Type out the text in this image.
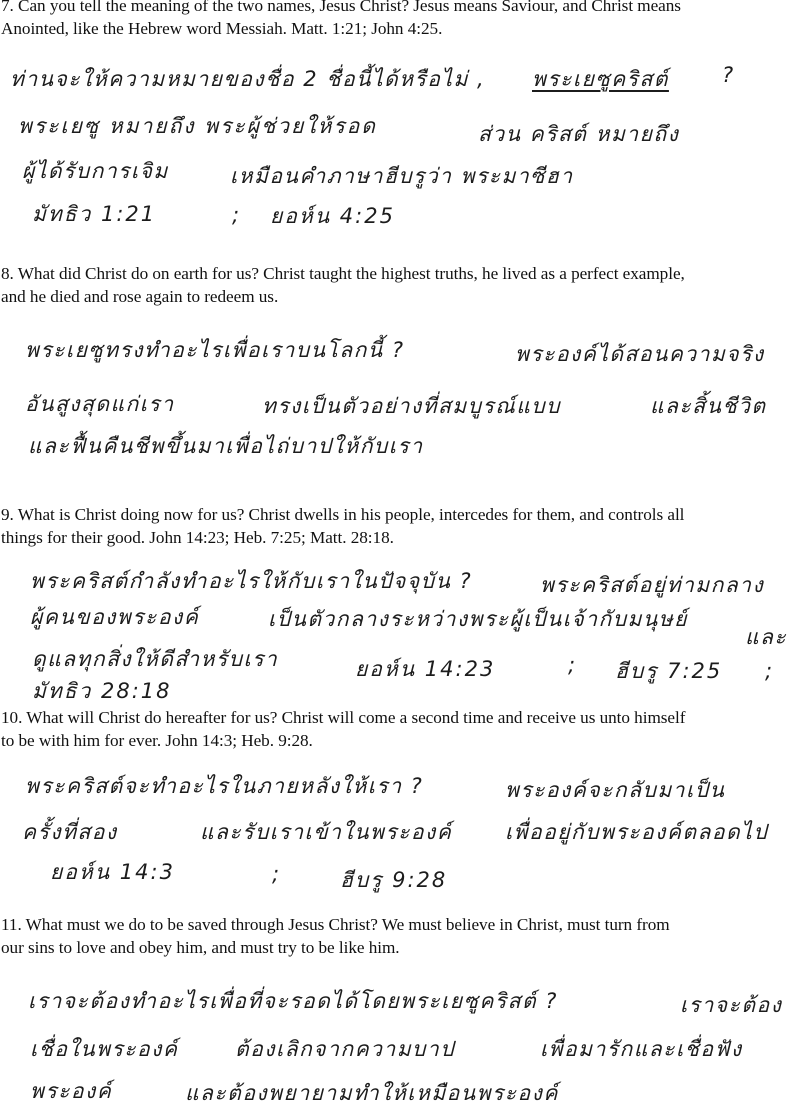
7. Can you tell the meaning of the two names, Jesus Christ? Jesus means Saviour, and Christ means
Anointed, like the Hebrew word Messiah. Matt. 1:21; John 4:25.

ท่านจะให้ความหมายของชื่อ 2 ชื่อนี้ได้หรือไม่ , พระเยซูคริสต์	?
พระเยซู หมายถึง พระผู้ช่วยให้รอด	ส่วน คริสต์ หมายถึง
ผู้ได้รับการเจิม	เหมือนคำภาษาฮีบรูว่า พระมาซีฮา
มัทธิว 1:21	; ยอห์น 4:25

8. What did Christ do on earth for us? Christ taught the highest truths, he lived as a perfect example,
and he died and rose again to redeem us.

พระเยซูทรงทำอะไรเพื่อเราบนโลกนี้ ?	พระองค์ได้สอนความจริง
อันสูงสุดแก่เรา	ทรงเป็นตัวอย่างที่สมบูรณ์แบบ	และสิ้นชีวิต
และฟื้นคืนชีพขึ้นมาเพื่อไถ่บาปให้กับเรา

9. What is Christ doing now for us? Christ dwells in his people, intercedes for them, and controls all
things for their good. John 14:23; Heb. 7:25; Matt. 28:18.

พระคริสต์กำลังทำอะไรให้กับเราในปัจจุบัน ?	พระคริสต์อยู่ท่ามกลาง
ผู้คนของพระองค์	เป็นตัวกลางระหว่างพระผู้เป็นเจ้ากับมนุษย์
และ
ดูแลทุกสิ่งให้ดีสำหรับเรา	ยอห์น 14:23	; ฮีบรู 7:25 ;
มัทธิว 28:18

10. What will Christ do hereafter for us? Christ will come a second time and receive us unto himself
to be with him for ever. John 14:3; Heb. 9:28.

พระคริสต์จะทำอะไรในภายหลังให้เรา ?	พระองค์จะกลับมาเป็น
ครั้งที่สอง	และรับเราเข้าในพระองค์	เพื่ออยู่กับพระองค์ตลอดไป
ยอห์น 14:3	;	ฮีบรู 9:28

11. What must we do to be saved through Jesus Christ? We must believe in Christ, must turn from
our sins to love and obey him, and must try to be like him.

เราจะต้องทำอะไรเพื่อที่จะรอดได้โดยพระเยซูคริสต์ ?	เราจะต้อง
เชื่อในพระองค์	ต้องเลิกจากความบาป	เพื่อมารักและเชื่อฟัง
พระองค์	และต้องพยายามทำให้เหมือนพระองค์
